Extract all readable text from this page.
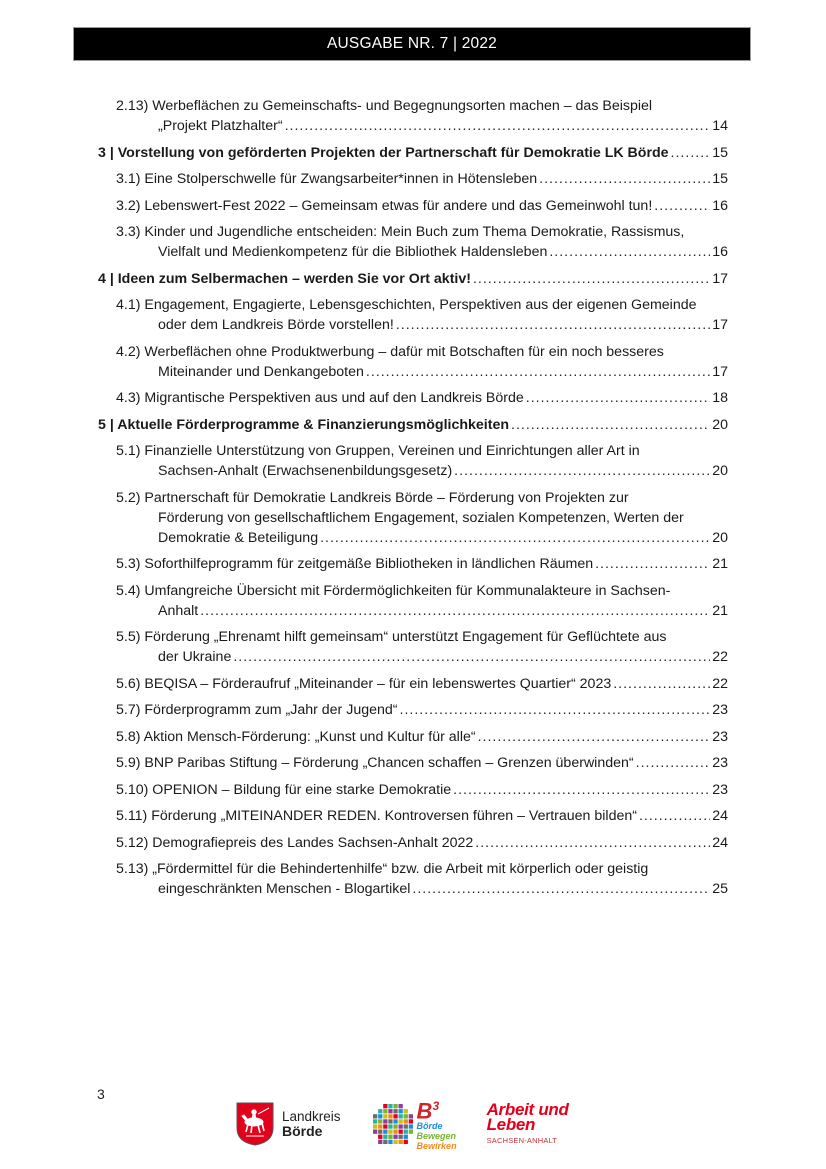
AUSGABE NR. 7 | 2022
2.13) Werbeflächen zu Gemeinschafts- und Begegnungsorten machen – das Beispiel
„Projekt Platzhalter“ .....	14
3 | Vorstellung von geförderten Projekten der Partnerschaft für Demokratie LK Börde .....	15
3.1) Eine Stolperschwelle für Zwangsarbeiter*innen in Hötensleben .....	15
3.2) Lebenswert-Fest 2022 – Gemeinsam etwas für andere und das Gemeinwohl tun! .....	16
3.3) Kinder und Jugendliche entscheiden: Mein Buch zum Thema Demokratie, Rassismus,
Vielfalt und Medienkompetenz für die Bibliothek Haldensleben .....	16
4 | Ideen zum Selbermachen – werden Sie vor Ort aktiv! .....	17
4.1) Engagement, Engagierte, Lebensgeschichten, Perspektiven aus der eigenen Gemeinde
oder dem Landkreis Börde vorstellen! .....	17
4.2) Werbeflächen ohne Produktwerbung – dafür mit Botschaften für ein noch besseres
Miteinander und Denkangeboten .....	17
4.3) Migrantische Perspektiven aus und auf den Landkreis Börde .....	18
5 | Aktuelle Förderprogramme & Finanzierungsmöglichkeiten .....	20
5.1) Finanzielle Unterstützung von Gruppen, Vereinen und Einrichtungen aller Art in
Sachsen-Anhalt (Erwachsenenbildungsgesetz) .....	20
5.2) Partnerschaft für Demokratie Landkreis Börde – Förderung von Projekten zur
Förderung von gesellschaftlichem Engagement, sozialen Kompetenzen, Werten der
Demokratie & Beteiligung .....	20
5.3) Soforthilfeprogramm für zeitgemäße Bibliotheken in ländlichen Räumen .....	21
5.4) Umfangreiche Übersicht mit Fördermöglichkeiten für Kommunalakteure in Sachsen-
Anhalt .....	21
5.5) Förderung „Ehrenamt hilft gemeinsam“ unterstützt Engagement für Geflüchtete aus
der Ukraine .....	22
5.6) BEQISA – Förderaufruf „Miteinander – für ein lebenswertes Quartier“ 2023 .....	22
5.7) Förderprogramm zum „Jahr der Jugend“ .....	23
5.8) Aktion Mensch-Förderung: „Kunst und Kultur für alle“ .....	23
5.9) BNP Paribas Stiftung – Förderung „Chancen schaffen – Grenzen überwinden“ .....	23
5.10) OPENION – Bildung für eine starke Demokratie .....	23
5.11) Förderung „MITEINANDER REDEN. Kontroversen führen – Vertrauen bilden“ .....	24
5.12) Demografiepreis des Landes Sachsen-Anhalt 2022 .....	24
5.13) „Fördermittel für die Behindertenhilfe“ bzw. die Arbeit mit körperlich oder geistig
eingeschränkten Menschen - Blogartikel .....	25
3
Landkreis
Börde
$B^3$
Börde
Bewegen
Bewirken
Arbeit und
Leben
SACHSEN-ANHALT
